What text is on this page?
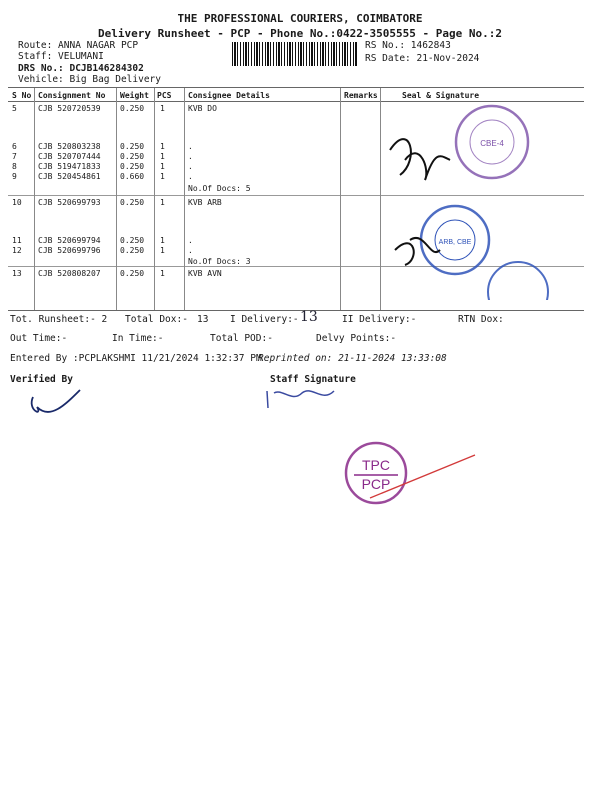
THE PROFESSIONAL COURIERS, COIMBATORE
Delivery Runsheet - PCP - Phone No.:0422-3505555 - Page No.:2
Route: ANNA NAGAR PCP
Staff: VELUMANI
DRS No.: DCJB146284302
Vehicle: Big Bag Delivery
RS No.: 1462843
RS Date: 21-Nov-2024
S No Consignment No Weight PCS Consignee Details	Remarks	Seal & Signature
5	CJB 520720539 0.250 1	KVB DO
6	CJB 520803238 0.250 1	.
7	CJB 520707444 0.250 1	.
8	CJB 519471833 0.250 1	.
9	CJB 520454861 0.660 1	.
No.Of Docs: 5
10 CJB 520699793 0.250 1	KVB ARB
11 CJB 520699794 0.250 1	.
12 CJB 520699796 0.250 1	.
No.Of Docs: 3
13 CJB 520808207 0.250 1	KVB AVN
CBE-4
ARB, CBE
Tot. Runsheet:- 2 Total Dox:- 13 I Delivery:- 13	II Delivery:-	RTN Dox:
Out Time:-	In Time:-	Total POD:-	Delvy Points:-
Entered By :PCPLAKSHMI 11/21/2024 1:32:37 PM
Reprinted on: 21-11-2024 13:33:08
Verified By	Staff Signature
TPC
PCP
